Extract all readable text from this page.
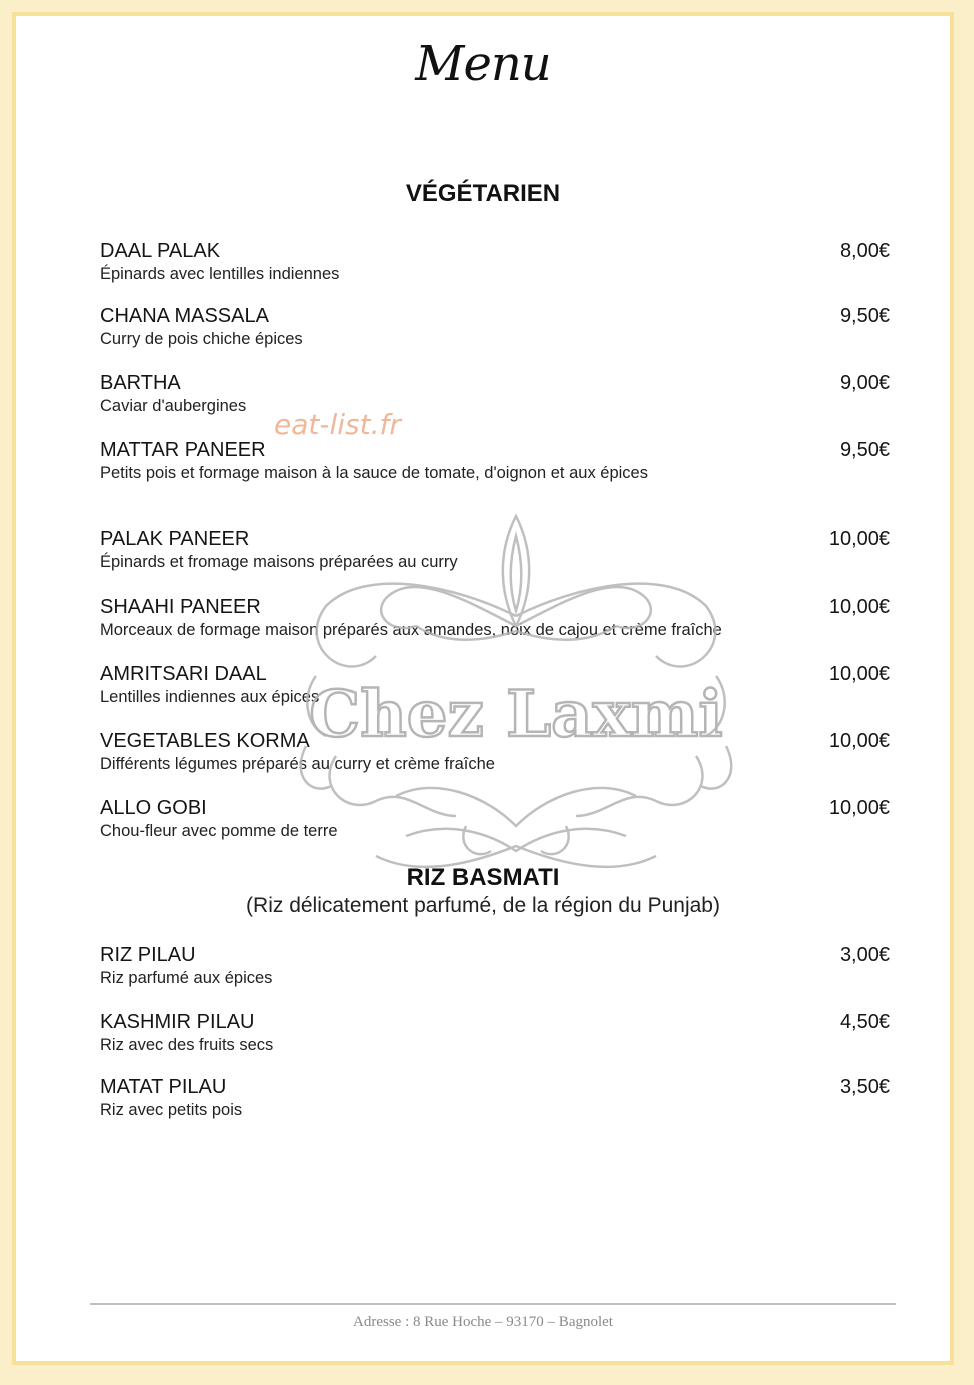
Menu
VÉGÉTARIEN
DAAL PALAK
Épinards avec lentilles indiennes
8,00€
CHANA MASSALA
Curry de pois chiche épices
9,50€
BARTHA
Caviar d'aubergines
9,00€
MATTAR PANEER
Petits pois et formage maison à la sauce de tomate, d'oignon et aux épices
9,50€
PALAK PANEER
Épinards et fromage maisons préparées au curry
10,00€
SHAAHI PANEER
Morceaux de formage maison préparés aux amandes, noix de cajou et crème fraîche
10,00€
AMRITSARI DAAL
Lentilles indiennes aux épices
10,00€
VEGETABLES KORMA
Différents légumes préparés au curry et crème fraîche
10,00€
ALLO GOBI
Chou-fleur avec pomme de terre
10,00€
RIZ BASMATI
(Riz délicatement parfumé, de la région du Punjab)
RIZ PILAU
Riz parfumé aux épices
3,00€
KASHMIR PILAU
Riz avec des fruits secs
4,50€
MATAT PILAU
Riz avec petits pois
3,50€
Chez Laxmi
eat-list.fr
Adresse : 8 Rue Hoche – 93170 – Bagnolet
